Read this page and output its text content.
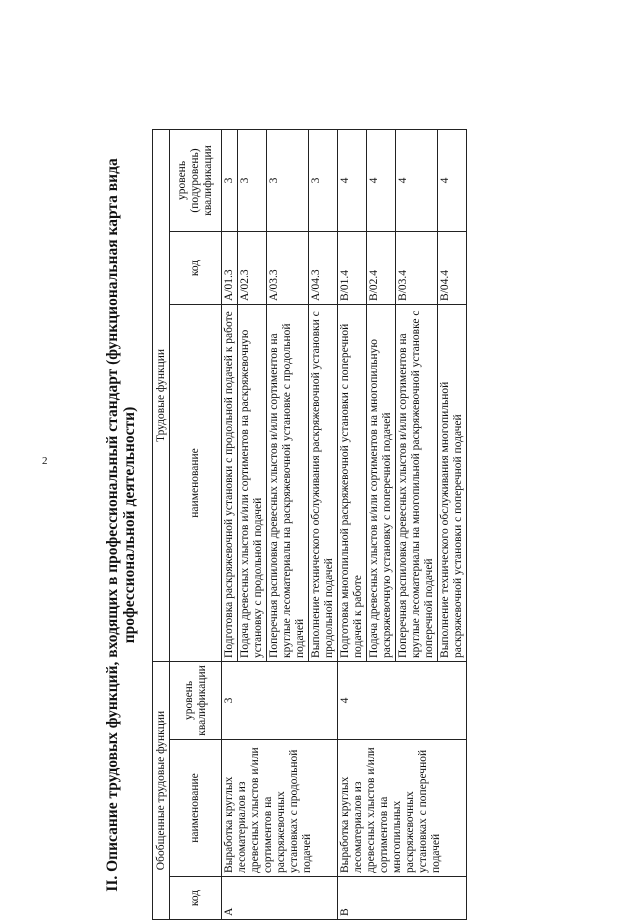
2	II. Описание трудовых функций, входящих в профессиональный стандарт (функциональная карта вида профессиональной деятельности)
Обобщенные трудовые функции			Трудовые функции		
код	наименование	уровень квалификации	наименование	код	уровень (подуровень) квалификации
А	Выработка круглых лесоматериалов из древесных хлыстов и/или сортиментов на раскряжевочных установках с продольной подачей	3	Подготовка раскряжевочной установки с продольной подачей к работе	A/01.3	3
			Подача древесных хлыстов и/или сортиментов на раскряжевочную установку с продольной подачей	A/02.3	3
			Поперечная распиловка древесных хлыстов и/или сортиментов на круглые лесоматериалы на раскряжевочной установке с продольной подачей	A/03.3	3
			Выполнение технического обслуживания раскряжевочной установки с продольной подачей	A/04.3	3
В	Выработка круглых лесоматериалов из древесных хлыстов и/или сортиментов на многопильных раскряжевочных установках с поперечной подачей	4	Подготовка многопильной раскряжевочной установки с поперечной подачей к работе	B/01.4	4
			Подача древесных хлыстов и/или сортиментов на многопильную раскряжевочную установку с поперечной подачей	B/02.4	4
			Поперечная распиловка древесных хлыстов и/или сортиментов на круглые лесоматериалы на многопильной раскряжевочной установке с поперечной подачей	B/03.4	4
			Выполнение технического обслуживания многопильной раскряжевочной установки с поперечной подачей	B/04.4	4
